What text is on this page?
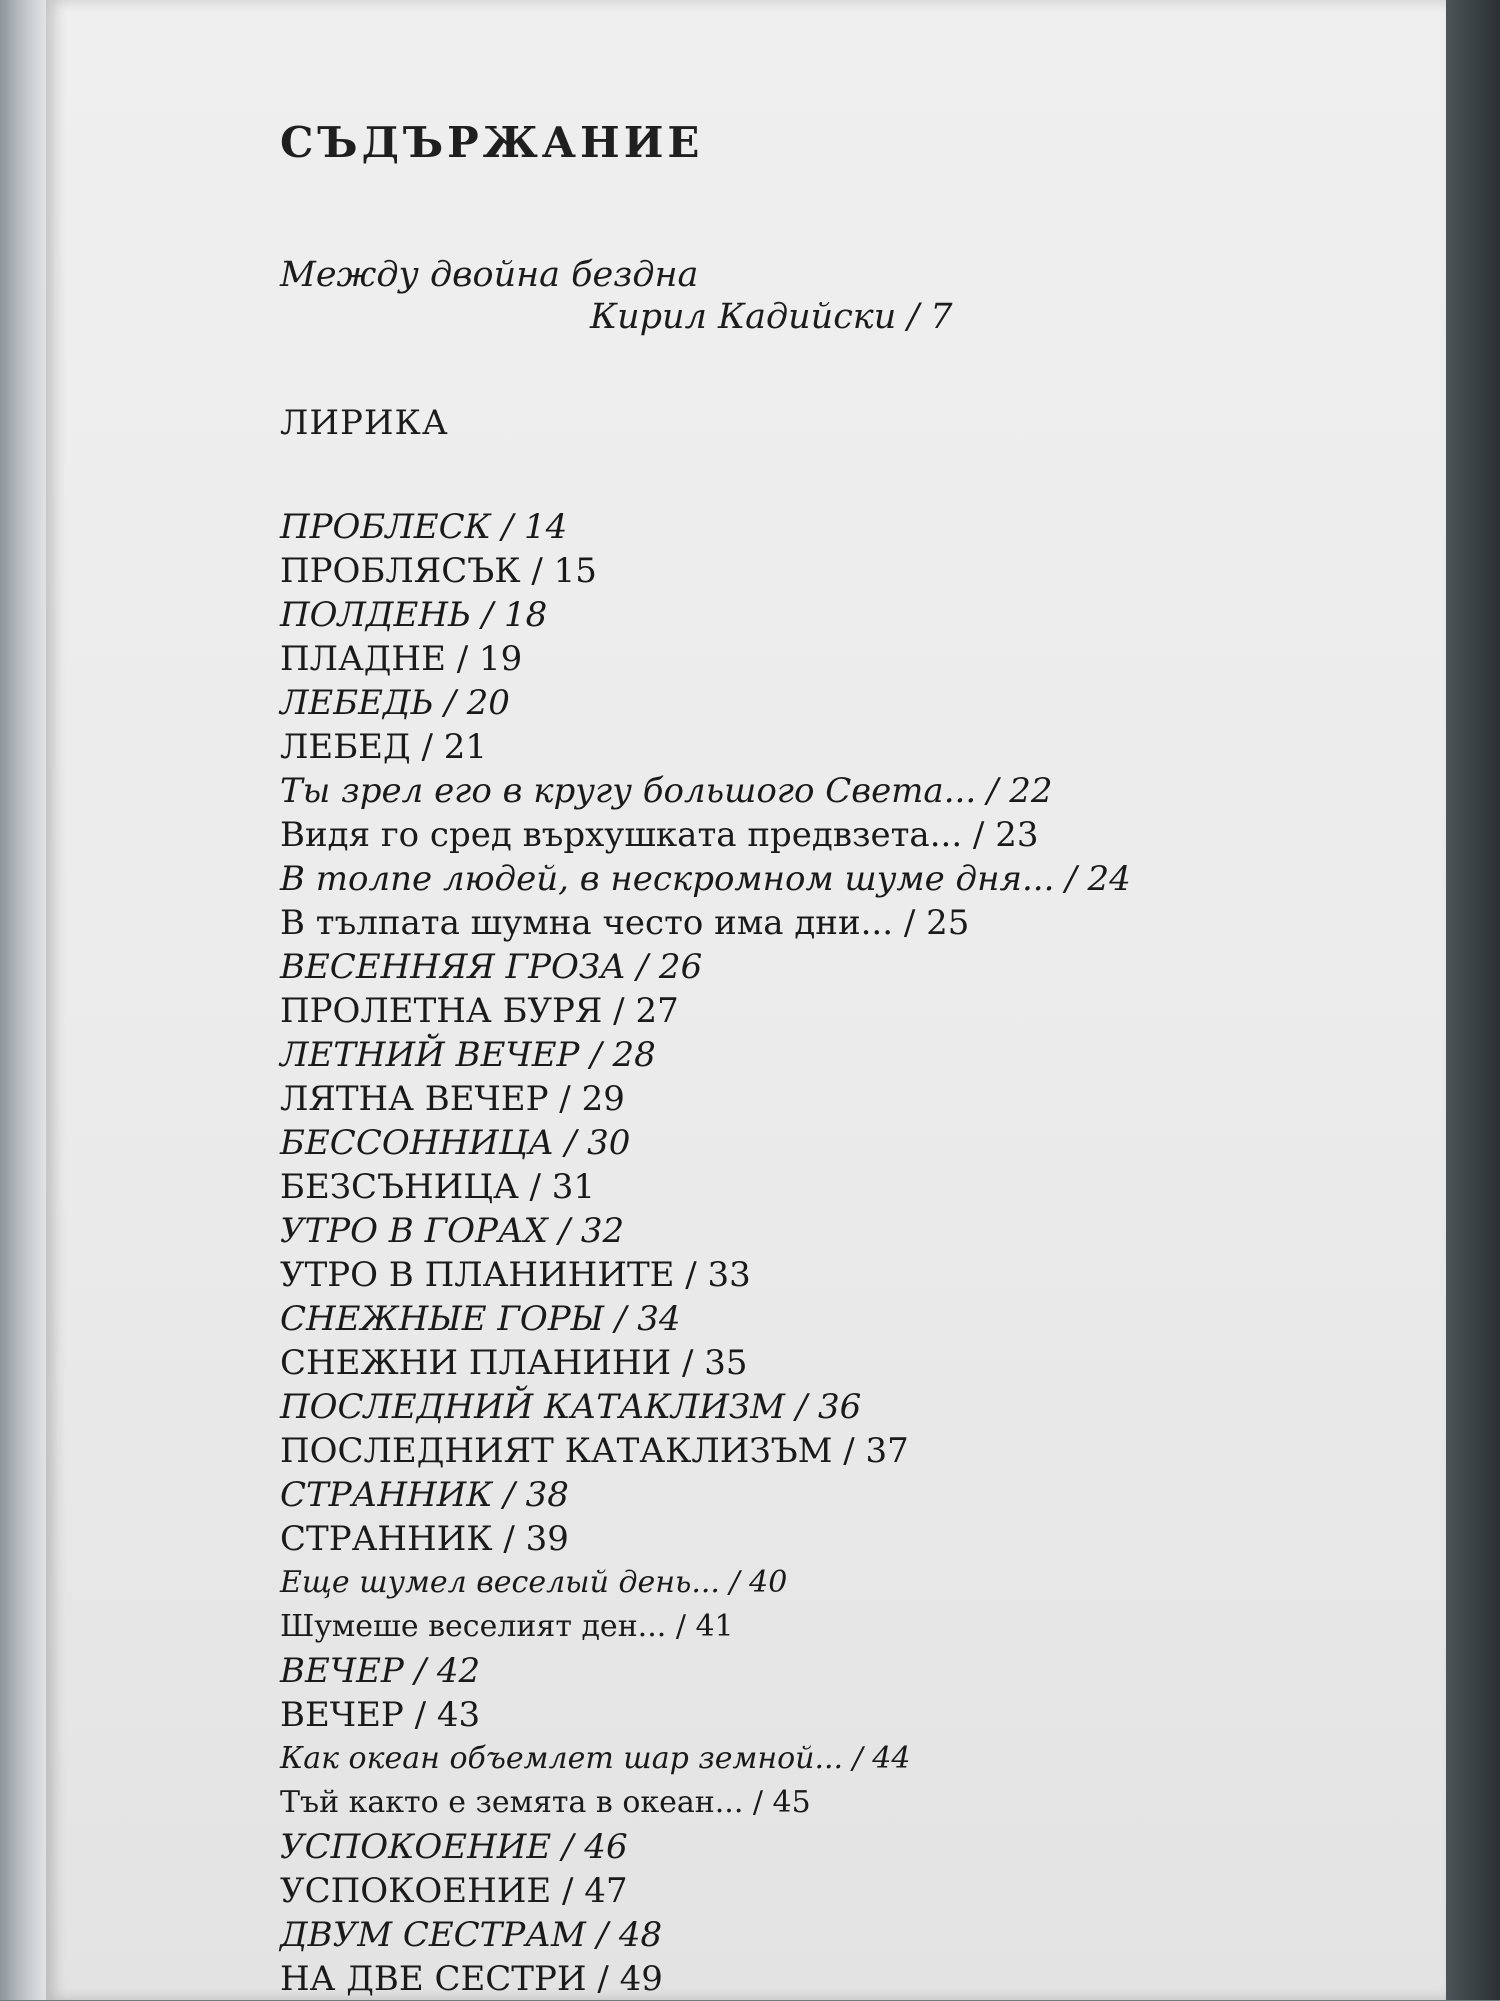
СЪДЪРЖАНИЕ
Между двойна бездна
Кирил Кадийски / 7
ЛИРИКА
ПРОБЛЕСК / 14
ПРОБЛЯСЪК / 15
ПОЛДЕНЬ / 18
ПЛАДНЕ / 19
ЛЕБЕДЬ / 20
ЛЕБЕД / 21
Ты зрел его в кругу большого Света... / 22
Видя го сред върхушката предвзета... / 23
В толпе людей, в нескромном шуме дня... / 24
В тълпата шумна често има дни... / 25
ВЕСЕННЯЯ ГРОЗА / 26
ПРОЛЕТНА БУРЯ / 27
ЛЕТНИЙ ВЕЧЕР / 28
ЛЯТНА ВЕЧЕР / 29
БЕССОННИЦА / 30
БЕЗСЪНИЦА / 31
УТРО В ГОРАХ / 32
УТРО В ПЛАНИНИТЕ / 33
СНЕЖНЫЕ ГОРЫ / 34
СНЕЖНИ ПЛАНИНИ / 35
ПОСЛЕДНИЙ КАТАКЛИЗМ / 36
ПОСЛЕДНИЯТ КАТАКЛИЗЪМ / 37
СТРАННИК / 38
СТРАННИК / 39
Еще шумел веселый день... / 40
Шумеше веселият ден... / 41
ВЕЧЕР / 42
ВЕЧЕР / 43
Как океан объемлет шар земной... / 44
Тъй както е земята в океан... / 45
УСПОКОЕНИЕ / 46
УСПОКОЕНИЕ / 47
ДВУМ СЕСТРАМ / 48
НА ДВЕ СЕСТРИ / 49
